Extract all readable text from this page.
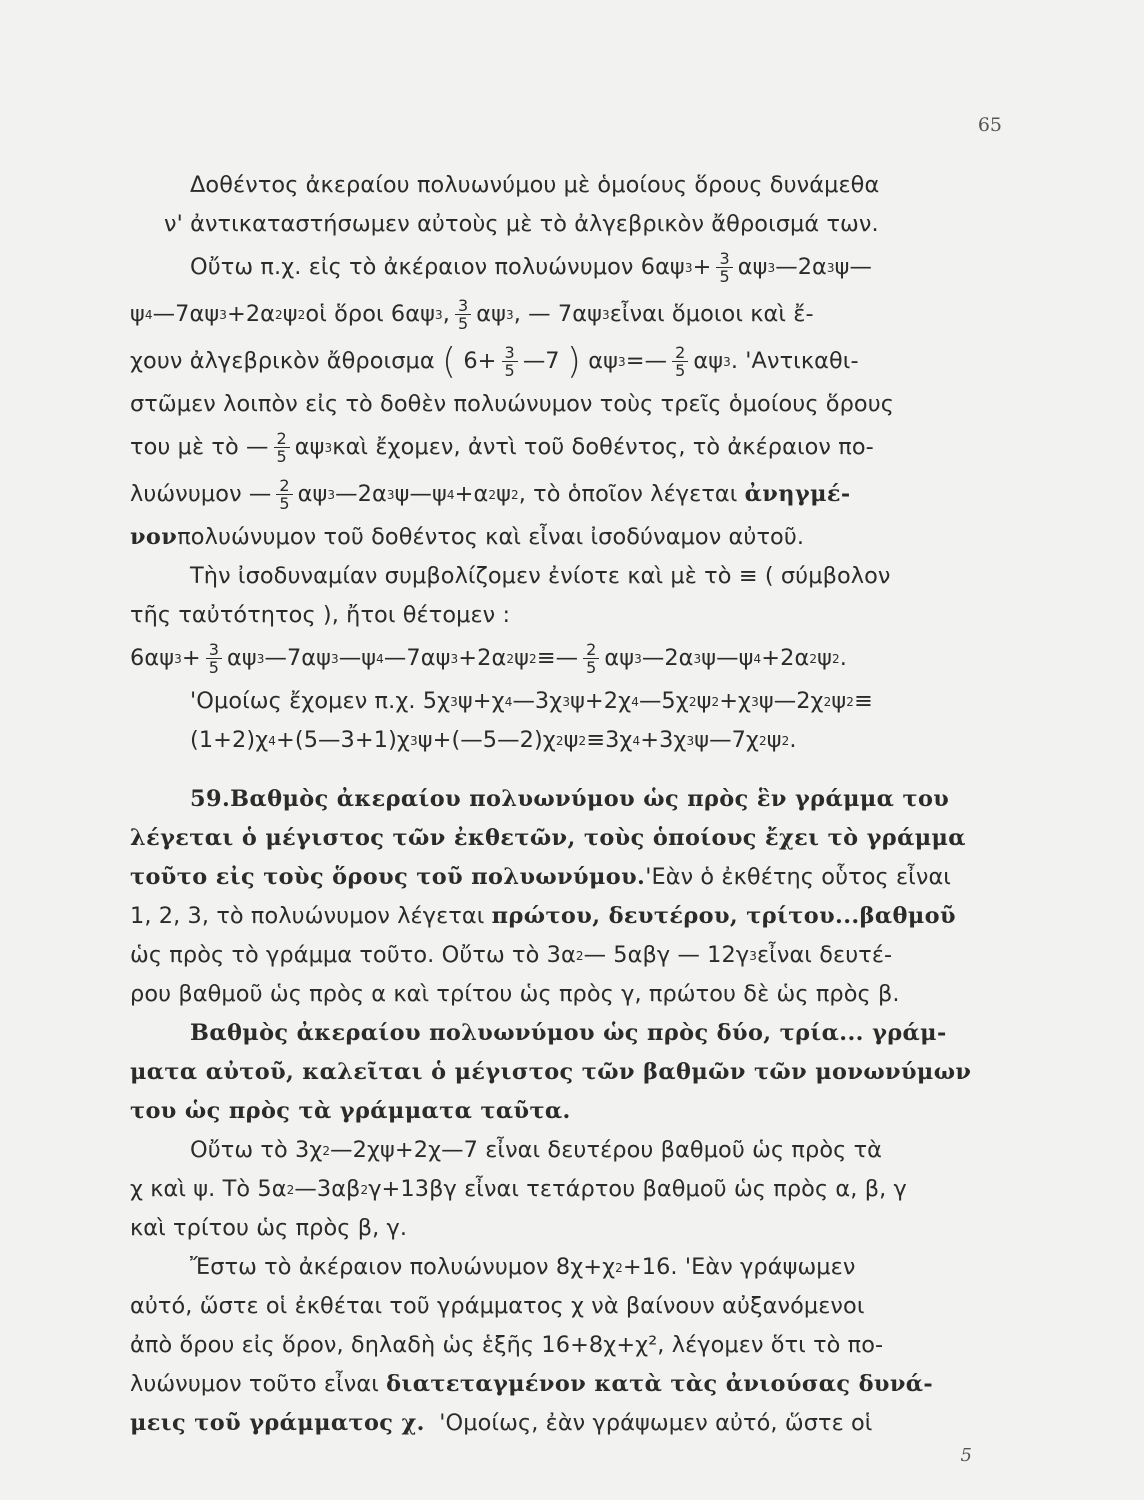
65
Δοθέντος ἀκεραίου πολυωνύμου μὲ ὁμοίους ὅρους δυνάμεθα
ν' ἀντικαταστήσωμεν αὐτοὺς μὲ τὸ ἀλγεβρικὸν ἄθροισμά των.
Οὔτω π.χ. εἰς τὸ ἀκέραιον πολυώνυμον 6αψ $3 + \frac{3}{5}$ αψ 3 —2α 3 ψ—
ψ 4 —7αψ 3 +2α 2 ψ 2 οἱ ὅροι 6αψ 3 , $\frac{3}{5}$ αψ 3 , — 7αψ 3 εἶναι ὅμοιοι καὶ ἔ-
χουν ἀλγεβρικὸν ἄθροισμα
(
$6+ \frac{3}{5}$ —7
)
αψ 3 =— $\frac{2}{5}$ αψ 3 . 'Αντικαθι-
στῶμεν λοιπὸν εἰς τὸ δοθὲν πολυώνυμον τοὺς τρεῖς ὁμοίους ὅρους
του μὲ τὸ — $\frac{2}{5}$ αψ 3 καὶ ἔχομεν, ἀντὶ τοῦ δοθέντος, τὸ ἀκέραιον πο-
λυώνυμον — $\frac{2}{5}$ αψ 3 —2α 3 ψ—ψ 4 +α 2 ψ 2 , τὸ ὁποῖον λέγεται
ἀνηγμέ-
νον πολυώνυμον τοῦ δοθέντος καὶ εἶναι ἰσοδύναμον αὐτοῦ.
Τὴν ἰσοδυναμίαν συμβολίζομεν ἐνίοτε καὶ μὲ τὸ ≡ ( σύμβολον
τῆς ταὐτότητος ), ἤτοι θέτομεν :
6αψ $3 + \frac{3}{5}$ αψ 3 —7αψ 3 —ψ 4 —7αψ 3 +2α 2 ψ 2 ≡— $\frac{2}{5}$ αψ 3 —2α 3 ψ—ψ 4 +2α 2 ψ 2 .
'Ομοίως ἔχομεν π.χ. 5χ 3 ψ+χ 4 —3χ 3 ψ+2χ 4 —5χ 2 ψ 2 +χ 3 ψ—2χ 2 ψ 2 ≡
(1+2)χ 4 +(5—3+1)χ 3 ψ+(—5—2)χ 2 ψ 2 ≡3χ 4 +3χ 3 ψ—7χ 2 ψ 2 .
59. Βαθμὸς ἀκεραίου πολυωνύμου ὡς πρὸς ἓν γράμμα του
λέγεται ὁ μέγιστος τῶν ἐκθετῶν, τοὺς ὁποίους ἔχει τὸ γράμμα
τοῦτο εἰς τοὺς ὅρους τοῦ πολυωνύμου. 'Εὰν ὁ ἐκθέτης οὗτος εἶναι
1, 2, 3, τὸ πολυώνυμον λέγεται
πρώτου, δευτέρου, τρίτου...βαθμοῦ
ὡς πρὸς τὸ γράμμα τοῦτο. Οὔτω τὸ 3α 2 — 5αβγ — 12γ 3 εἶναι δευτέ-
ρου βαθμοῦ ὡς πρὸς α καὶ τρίτου ὡς πρὸς γ, πρώτου δὲ ὡς πρὸς β.
Βαθμὸς ἀκεραίου πολυωνύμου ὡς πρὸς δύο, τρία... γράμ-
ματα αὐτοῦ, καλεῖται ὁ μέγιστος τῶν βαθμῶν τῶν μονωνύμων
του ὡς πρὸς τὰ γράμματα ταῦτα.
Οὔτω τὸ 3χ 2 —2χψ+2χ—7 εἶναι δευτέρου βαθμοῦ ὡς πρὸς τὰ
χ καὶ ψ. Τὸ 5α 2 —3αβ 2 γ+13βγ εἶναι τετάρτου βαθμοῦ ὡς πρὸς α, β, γ
καὶ τρίτου ὡς πρὸς β, γ.
Ἔστω τὸ ἀκέραιον πολυώνυμον 8χ+χ 2 +16. 'Εὰν γράψωμεν
αὐτό, ὥστε οἱ ἐκθέται τοῦ γράμματος χ νὰ βαίνουν αὐξανόμενοι
ἀπὸ ὅρου εἰς ὅρον, δηλαδὴ ὡς ἑξῆς 16+8χ+χ², λέγομεν ὅτι τὸ πο-
λυώνυμον τοῦτο εἶναι
διατεταγμένον κατὰ τὰς ἀνιούσας δυνά-
μεις τοῦ γράμματος χ.
'Ομοίως, ἐὰν γράψωμεν αὐτό, ὥστε οἱ
5
